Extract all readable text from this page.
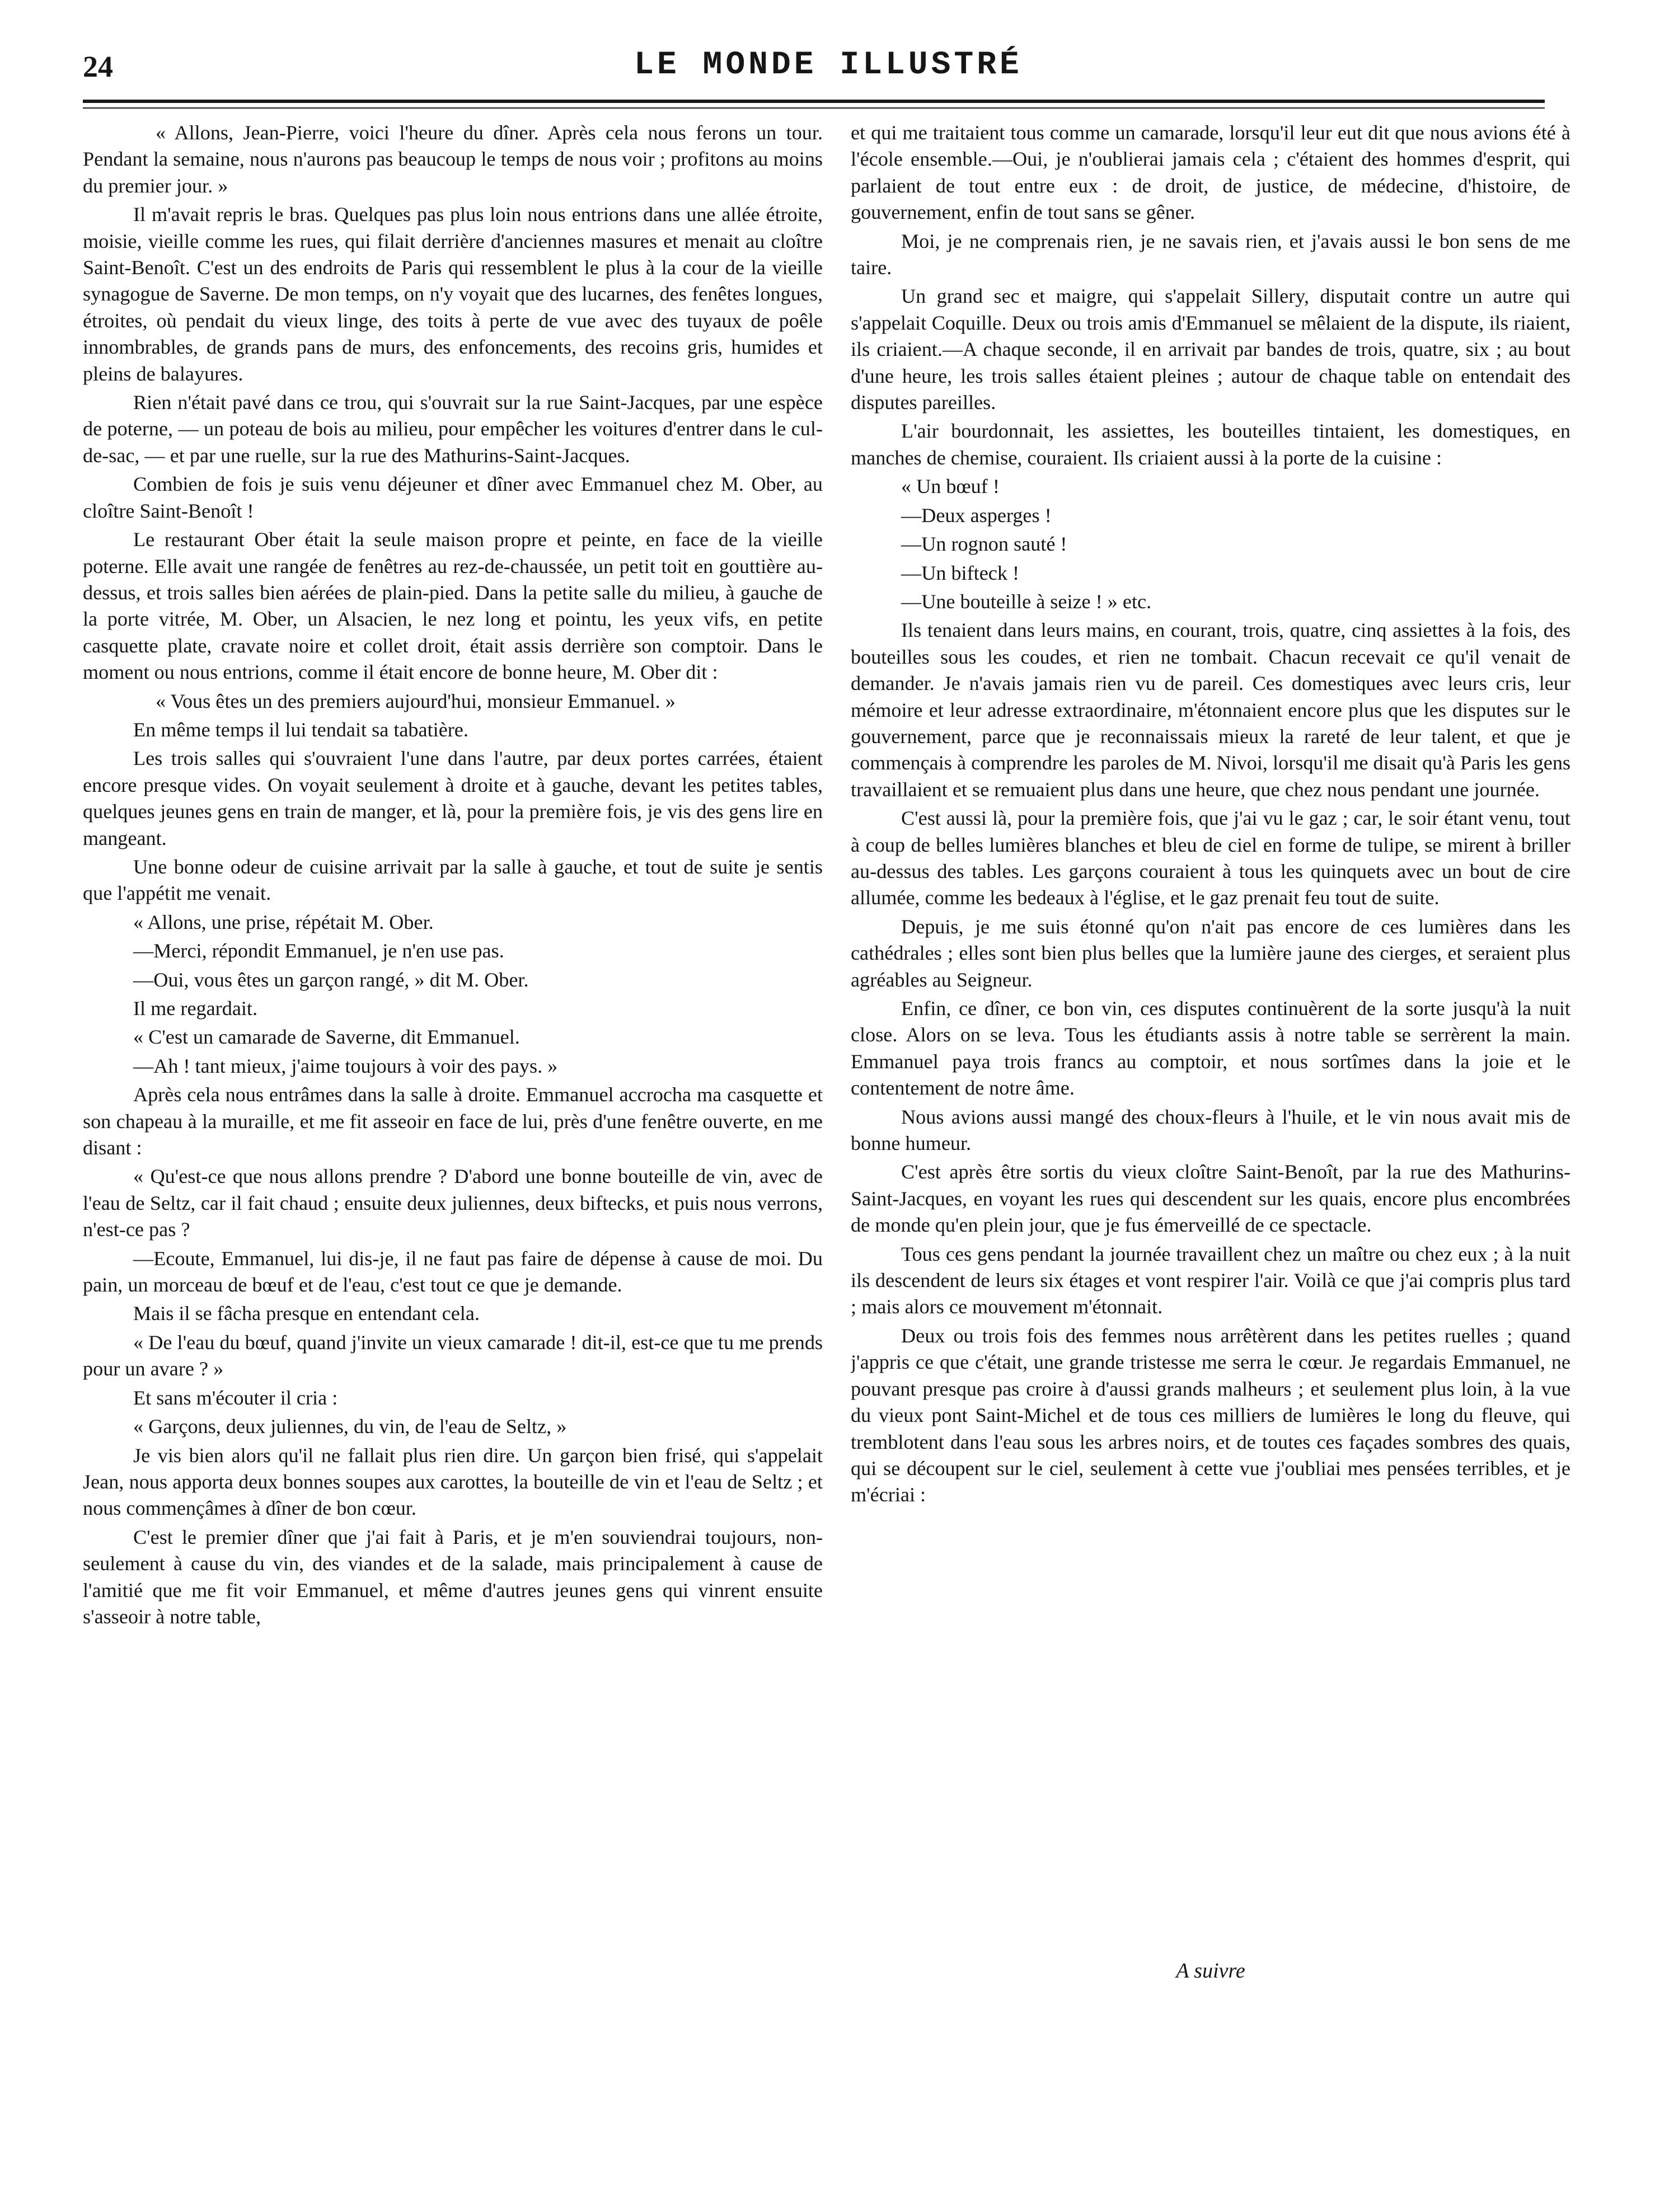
24	LE MONDE ILLUSTRÉ

« Allons, Jean-Pierre, voici l'heure du dîner. Après cela nous ferons un tour. Pendant la semaine, nous n'aurons pas beaucoup le temps de nous voir ; profitons au moins du premier jour. »

Il m'avait repris le bras. Quelques pas plus loin nous entrions dans une allée étroite, moisie, vieille comme les rues, qui filait derrière d'anciennes masures et menait au cloître Saint-Benoît. C'est un des endroits de Paris qui ressemblent le plus à la cour de la vieille synagogue de Saverne. De mon temps, on n'y voyait que des lucarnes, des fenêtes longues, étroites, où pendait du vieux linge, des toits à perte de vue avec des tuyaux de poêle innombrables, de grands pans de murs, des enfoncements, des recoins gris, humides et pleins de balayures.

Rien n'était pavé dans ce trou, qui s'ouvrait sur la rue Saint-Jacques, par une espèce de poterne, — un poteau de bois au milieu, pour empêcher les voitures d'entrer dans le cul-de-sac, — et par une ruelle, sur la rue des Mathurins-Saint-Jacques.

Combien de fois je suis venu déjeuner et dîner avec Emmanuel chez M. Ober, au cloître Saint-Benoît !

Le restaurant Ober était la seule maison propre et peinte, en face de la vieille poterne. Elle avait une rangée de fenêtres au rez-de-chaussée, un petit toit en gouttière au-dessus, et trois salles bien aérées de plain-pied. Dans la petite salle du milieu, à gauche de la porte vitrée, M. Ober, un Alsacien, le nez long et pointu, les yeux vifs, en petite casquette plate, cravate noire et collet droit, était assis derrière son comptoir. Dans le moment ou nous entrions, comme il était encore de bonne heure, M. Ober dit :

« Vous êtes un des premiers aujourd'hui, monsieur Emmanuel. »

En même temps il lui tendait sa tabatière.

Les trois salles qui s'ouvraient l'une dans l'autre, par deux portes carrées, étaient encore presque vides. On voyait seulement à droite et à gauche, devant les petites tables, quelques jeunes gens en train de manger, et là, pour la première fois, je vis des gens lire en mangeant.

Une bonne odeur de cuisine arrivait par la salle à gauche, et tout de suite je sentis que l'appétit me venait.

« Allons, une prise, répétait M. Ober.

—Merci, répondit Emmanuel, je n'en use pas.

—Oui, vous êtes un garçon rangé, » dit M. Ober.

Il me regardait.

« C'est un camarade de Saverne, dit Emmanuel.

—Ah ! tant mieux, j'aime toujours à voir des pays. »

Après cela nous entrâmes dans la salle à droite. Emmanuel accrocha ma casquette et son chapeau à la muraille, et me fit asseoir en face de lui, près d'une fenêtre ouverte, en me disant :

« Qu'est-ce que nous allons prendre ? D'abord une bonne bouteille de vin, avec de l'eau de Seltz, car il fait chaud ; ensuite deux juliennes, deux biftecks, et puis nous verrons, n'est-ce pas ?

—Ecoute, Emmanuel, lui dis-je, il ne faut pas faire de dépense à cause de moi. Du pain, un morceau de bœuf et de l'eau, c'est tout ce que je demande.

Mais il se fâcha presque en entendant cela.

« De l'eau du bœuf, quand j'invite un vieux camarade ! dit-il, est-ce que tu me prends pour un avare ? »

Et sans m'écouter il cria :

« Garçons, deux juliennes, du vin, de l'eau de Seltz, »

Je vis bien alors qu'il ne fallait plus rien dire. Un garçon bien frisé, qui s'appelait Jean, nous apporta deux bonnes soupes aux carottes, la bouteille de vin et l'eau de Seltz ; et nous commençâmes à dîner de bon cœur.

C'est le premier dîner que j'ai fait à Paris, et je m'en souviendrai toujours, non-seulement à cause du vin, des viandes et de la salade, mais principalement à cause de l'amitié que me fit voir Emmanuel, et même d'autres jeunes gens qui vinrent ensuite s'asseoir à notre table,

et qui me traitaient tous comme un camarade, lorsqu'il leur eut dit que nous avions été à l'école ensemble.—Oui, je n'oublierai jamais cela ; c'étaient des hommes d'esprit, qui parlaient de tout entre eux : de droit, de justice, de médecine, d'histoire, de gouvernement, enfin de tout sans se gêner.

Moi, je ne comprenais rien, je ne savais rien, et j'avais aussi le bon sens de me taire.

Un grand sec et maigre, qui s'appelait Sillery, disputait contre un autre qui s'appelait Coquille. Deux ou trois amis d'Emmanuel se mêlaient de la dispute, ils riaient, ils criaient.—A chaque seconde, il en arrivait par bandes de trois, quatre, six ; au bout d'une heure, les trois salles étaient pleines ; autour de chaque table on entendait des disputes pareilles.

L'air bourdonnait, les assiettes, les bouteilles tintaient, les domestiques, en manches de chemise, couraient. Ils criaient aussi à la porte de la cuisine :

« Un bœuf !

—Deux asperges !

—Un rognon sauté !

—Un bifteck !

—Une bouteille à seize ! » etc.

Ils tenaient dans leurs mains, en courant, trois, quatre, cinq assiettes à la fois, des bouteilles sous les coudes, et rien ne tombait. Chacun recevait ce qu'il venait de demander. Je n'avais jamais rien vu de pareil. Ces domestiques avec leurs cris, leur mémoire et leur adresse extraordinaire, m'étonnaient encore plus que les disputes sur le gouvernement, parce que je reconnaissais mieux la rareté de leur talent, et que je commençais à comprendre les paroles de M. Nivoi, lorsqu'il me disait qu'à Paris les gens travaillaient et se remuaient plus dans une heure, que chez nous pendant une journée.

C'est aussi là, pour la première fois, que j'ai vu le gaz ; car, le soir étant venu, tout à coup de belles lumières blanches et bleu de ciel en forme de tulipe, se mirent à briller au-dessus des tables. Les garçons couraient à tous les quinquets avec un bout de cire allumée, comme les bedeaux à l'église, et le gaz prenait feu tout de suite.

Depuis, je me suis étonné qu'on n'ait pas encore de ces lumières dans les cathédrales ; elles sont bien plus belles que la lumière jaune des cierges, et seraient plus agréables au Seigneur.

Enfin, ce dîner, ce bon vin, ces disputes continuèrent de la sorte jusqu'à la nuit close. Alors on se leva. Tous les étudiants assis à notre table se serrèrent la main. Emmanuel paya trois francs au comptoir, et nous sortîmes dans la joie et le contentement de notre âme.

Nous avions aussi mangé des choux-fleurs à l'huile, et le vin nous avait mis de bonne humeur.

C'est après être sortis du vieux cloître Saint-Benoît, par la rue des Mathurins-Saint-Jacques, en voyant les rues qui descendent sur les quais, encore plus encombrées de monde qu'en plein jour, que je fus émerveillé de ce spectacle.

Tous ces gens pendant la journée travaillent chez un maître ou chez eux ; à la nuit ils descendent de leurs six étages et vont respirer l'air. Voilà ce que j'ai compris plus tard ; mais alors ce mouvement m'étonnait.

Deux ou trois fois des femmes nous arrêtèrent dans les petites ruelles ; quand j'appris ce que c'était, une grande tristesse me serra le cœur. Je regardais Emmanuel, ne pouvant presque pas croire à d'aussi grands malheurs ; et seulement plus loin, à la vue du vieux pont Saint-Michel et de tous ces milliers de lumières le long du fleuve, qui tremblotent dans l'eau sous les arbres noirs, et de toutes ces façades sombres des quais, qui se découpent sur le ciel, seulement à cette vue j'oubliai mes pensées terribles, et je m'écriai :

A suivre
